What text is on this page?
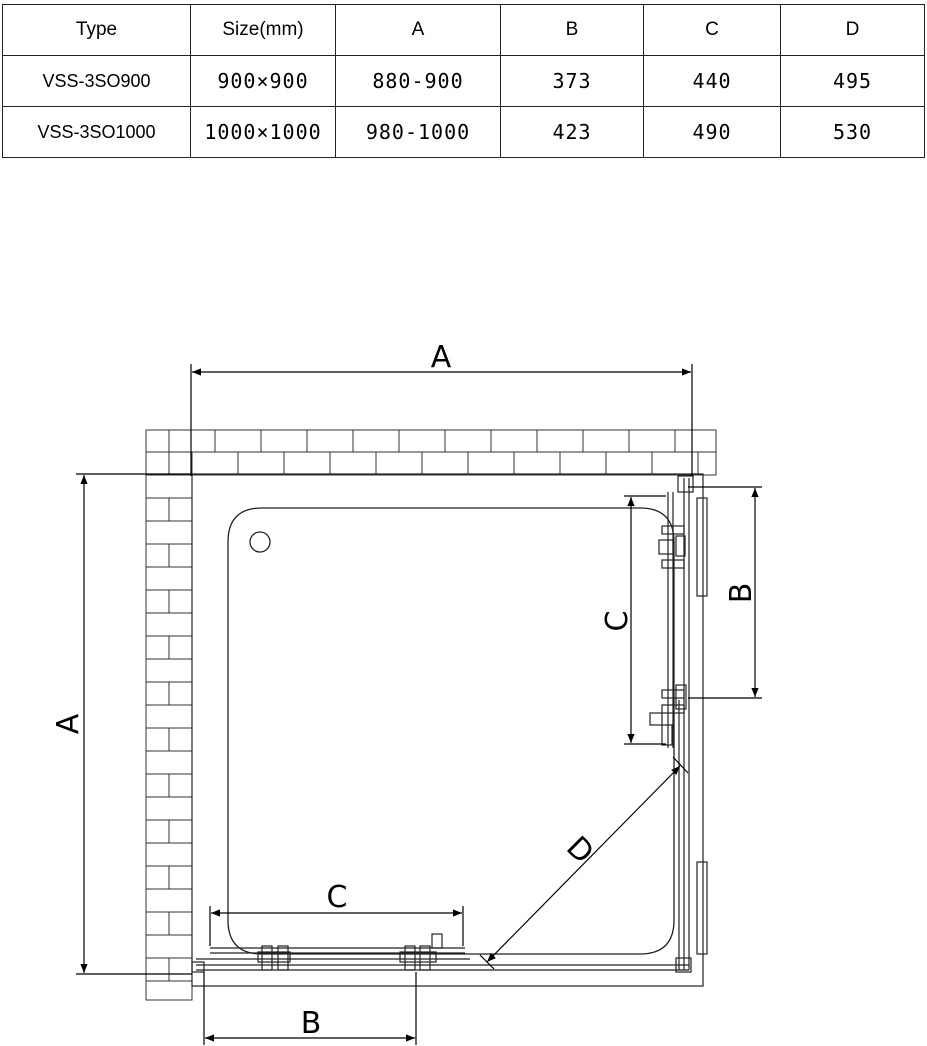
Type	Size(mm)	A	B	C	D
VSS-3SO900	900×900	880-900	373	440	495
VSS-3SO1000	1000×1000	980-1000	423	490	530
A
A
B
C
D
C
B
